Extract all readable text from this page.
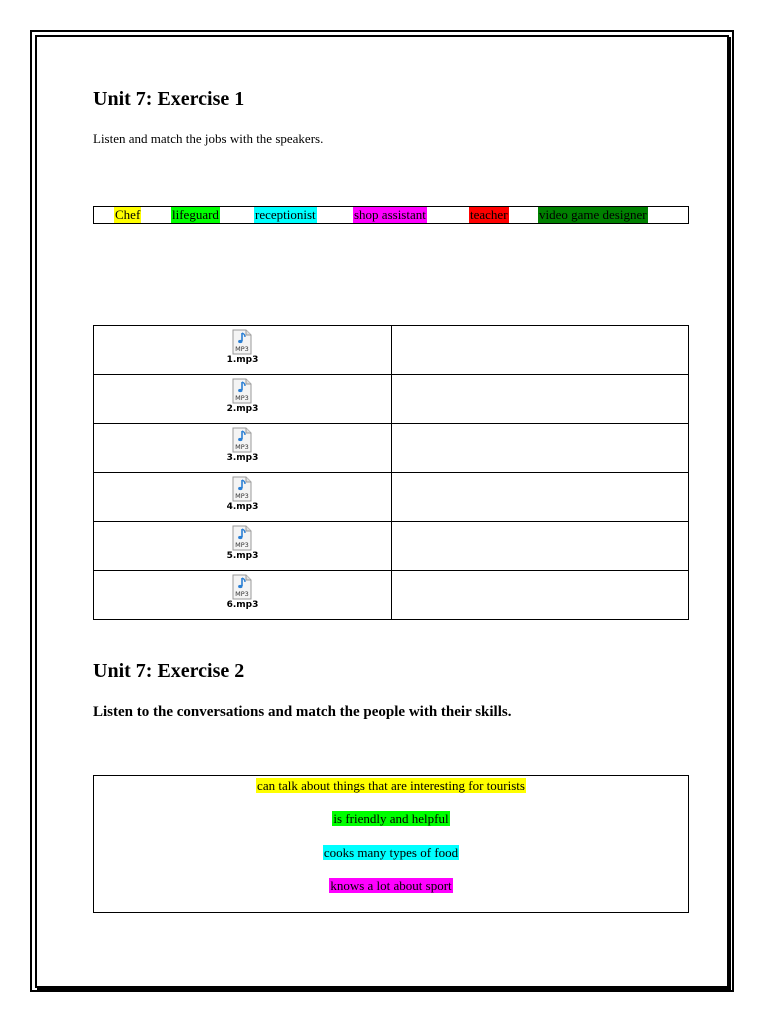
Unit 7: Exercise 1
Listen and match the jobs with the speakers.
Chef lifeguard	receptionist	shop assistant	teacher video game designer
MP3
1.mp3	

MP3
2.mp3	

MP3
3.mp3	

MP3
4.mp3	

MP3
5.mp3	

MP3
6.mp3	

Unit 7: Exercise 2
Listen to the conversations and match the people with their skills.
can talk about things that are interesting for tourists
is friendly and helpful
cooks many types of food
knows a lot about sport
